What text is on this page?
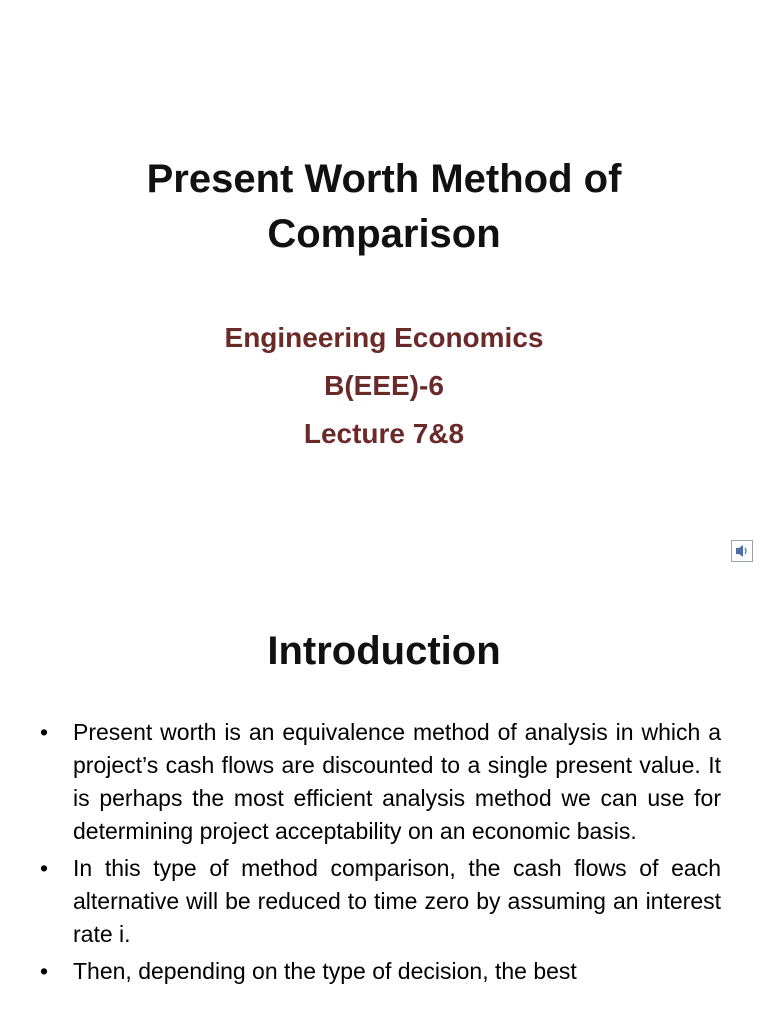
Present Worth Method of
Comparison
Engineering Economics
B(EEE)-6
Lecture 7&8
Introduction
•	Present worth is an equivalence method of analysis in which a project’s cash flows are discounted to a single present value. It is perhaps the most efficient analysis method we can use for determining project acceptability on an economic basis.
•	In this type of method comparison, the cash flows of each alternative will be reduced to time zero by assuming an interest rate i.
•	Then, depending on the type of decision, the best
